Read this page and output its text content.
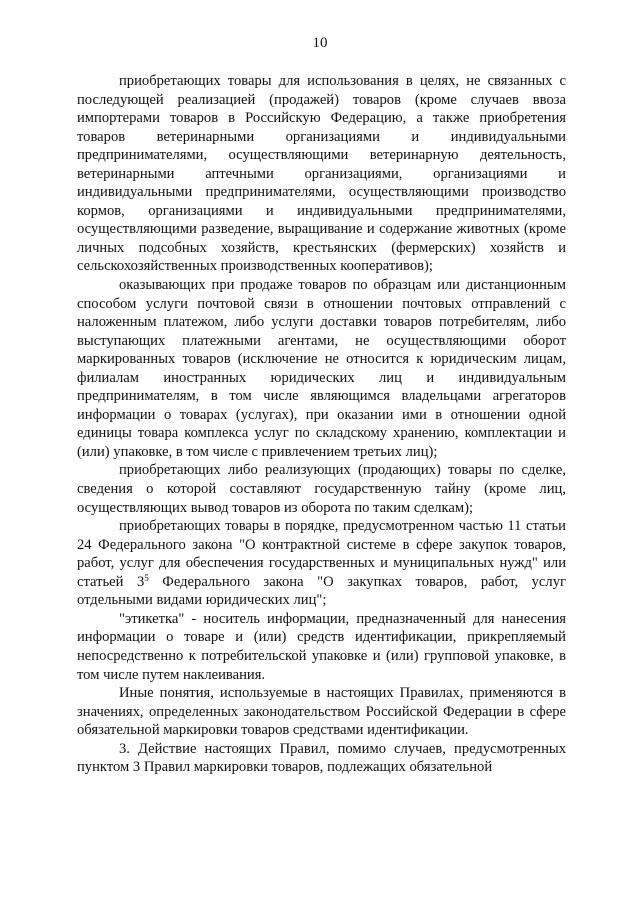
10

приобретающих товары для использования в целях, не связанных с последующей реализацией (продажей) товаров (кроме случаев ввоза импортерами товаров в Российскую Федерацию, а также приобретения товаров ветеринарными организациями и индивидуальными предпринимателями, осуществляющими ветеринарную деятельность, ветеринарными аптечными организациями, организациями и индивидуальными предпринимателями, осуществляющими производство кормов, организациями и индивидуальными предпринимателями, осуществляющими разведение, выращивание и содержание животных (кроме личных подсобных хозяйств, крестьянских (фермерских) хозяйств и сельскохозяйственных производственных кооперативов);

оказывающих при продаже товаров по образцам или дистанционным способом услуги почтовой связи в отношении почтовых отправлений с наложенным платежом, либо услуги доставки товаров потребителям, либо выступающих платежными агентами, не осуществляющими оборот маркированных товаров (исключение не относится к юридическим лицам, филиалам иностранных юридических лиц и индивидуальным предпринимателям, в том числе являющимся владельцами агрегаторов информации о товарах (услугах), при оказании ими в отношении одной единицы товара комплекса услуг по складскому хранению, комплектации и (или) упаковке, в том числе с привлечением третьих лиц);

приобретающих либо реализующих (продающих) товары по сделке, сведения о которой составляют государственную тайну (кроме лиц, осуществляющих вывод товаров из оборота по таким сделкам);

приобретающих товары в порядке, предусмотренном частью 11 статьи 24 Федерального закона "О контрактной системе в сфере закупок товаров, работ, услуг для обеспечения государственных и муниципальных нужд" или статьей $3^5$ Федерального закона "О закупках товаров, работ, услуг отдельными видами юридических лиц";

"этикетка" - носитель информации, предназначенный для нанесения информации о товаре и (или) средств идентификации, прикрепляемый непосредственно к потребительской упаковке и (или) групповой упаковке, в том числе путем наклеивания.

Иные понятия, используемые в настоящих Правилах, применяются в значениях, определенных законодательством Российской Федерации в сфере обязательной маркировки товаров средствами идентификации.

3. Действие настоящих Правил, помимо случаев, предусмотренных пунктом 3 Правил маркировки товаров, подлежащих обязательной
